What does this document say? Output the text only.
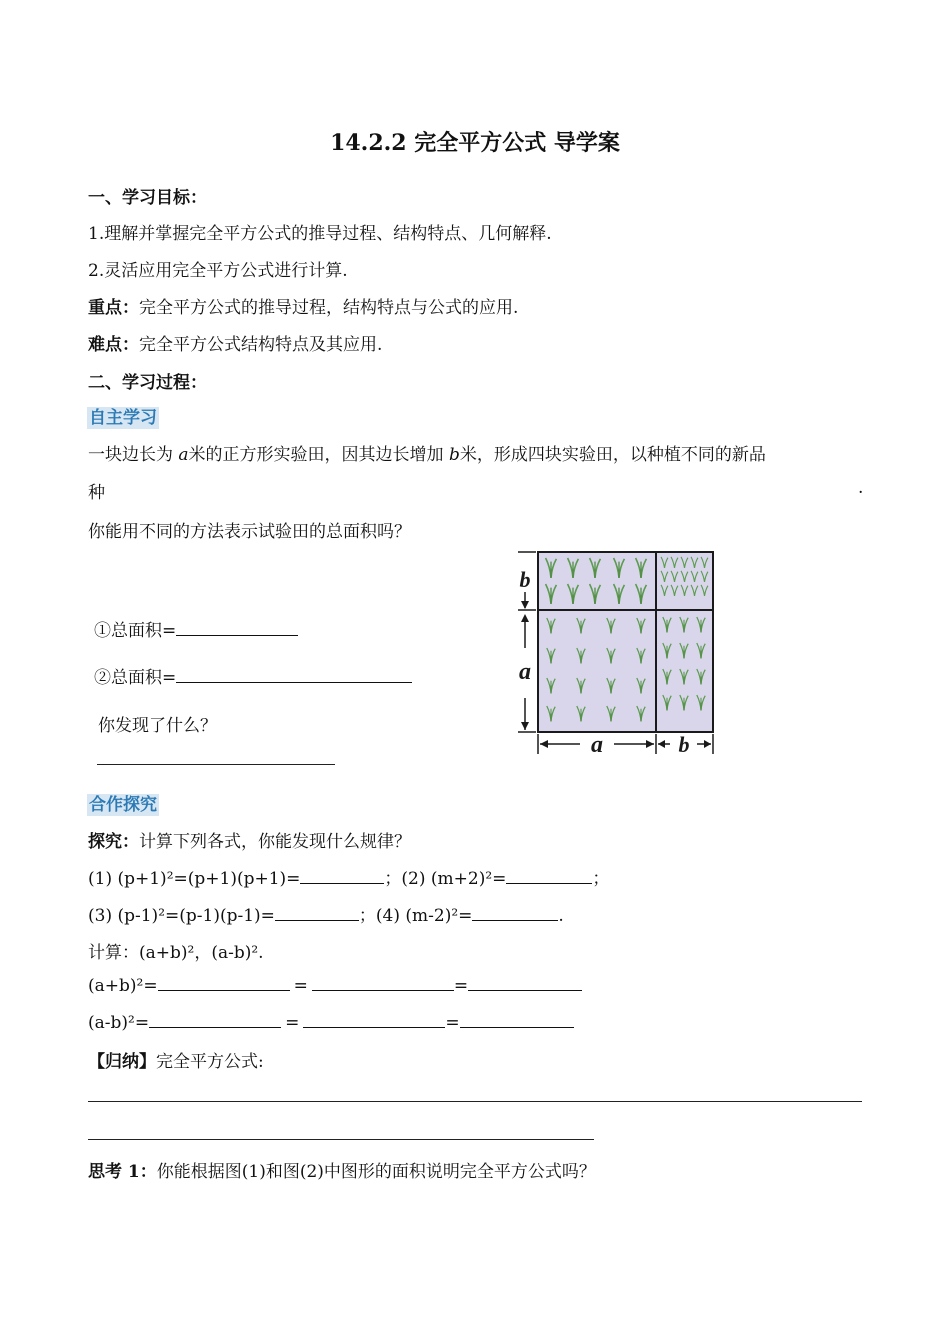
14.2.2 完全平方公式 导学案
一、学习目标：
1.理解并掌握完全平方公式的推导过程、结构特点、几何解释.
2.灵活应用完全平方公式进行计算.
重点：完全平方公式的推导过程，结构特点与公式的应用.
难点：完全平方公式结构特点及其应用.
二、学习过程：
自主学习
一块边长为 a米的正方形实验田，因其边长增加 b米，形成四块实验田，以种植不同的新品
种	.
你能用不同的方法表示试验田的总面积吗？
①总面积=
②总面积=
你发现了什么？
b
a
a	b
合作探究
探究：计算下列各式，你能发现什么规律？
(1) (p+1)²=(p+1)(p+1)=	；(2) (m+2)²=	；
(3) (p-1)²=(p-1)(p-1)=	；(4) (m-2)²=	.
计算：(a+b)²，(a-b)².
(a+b)²=	=	=
(a-b)²=	=	=
【归纳】完全平方公式:
思考 1：你能根据图(1)和图(2)中图形的面积说明完全平方公式吗？
